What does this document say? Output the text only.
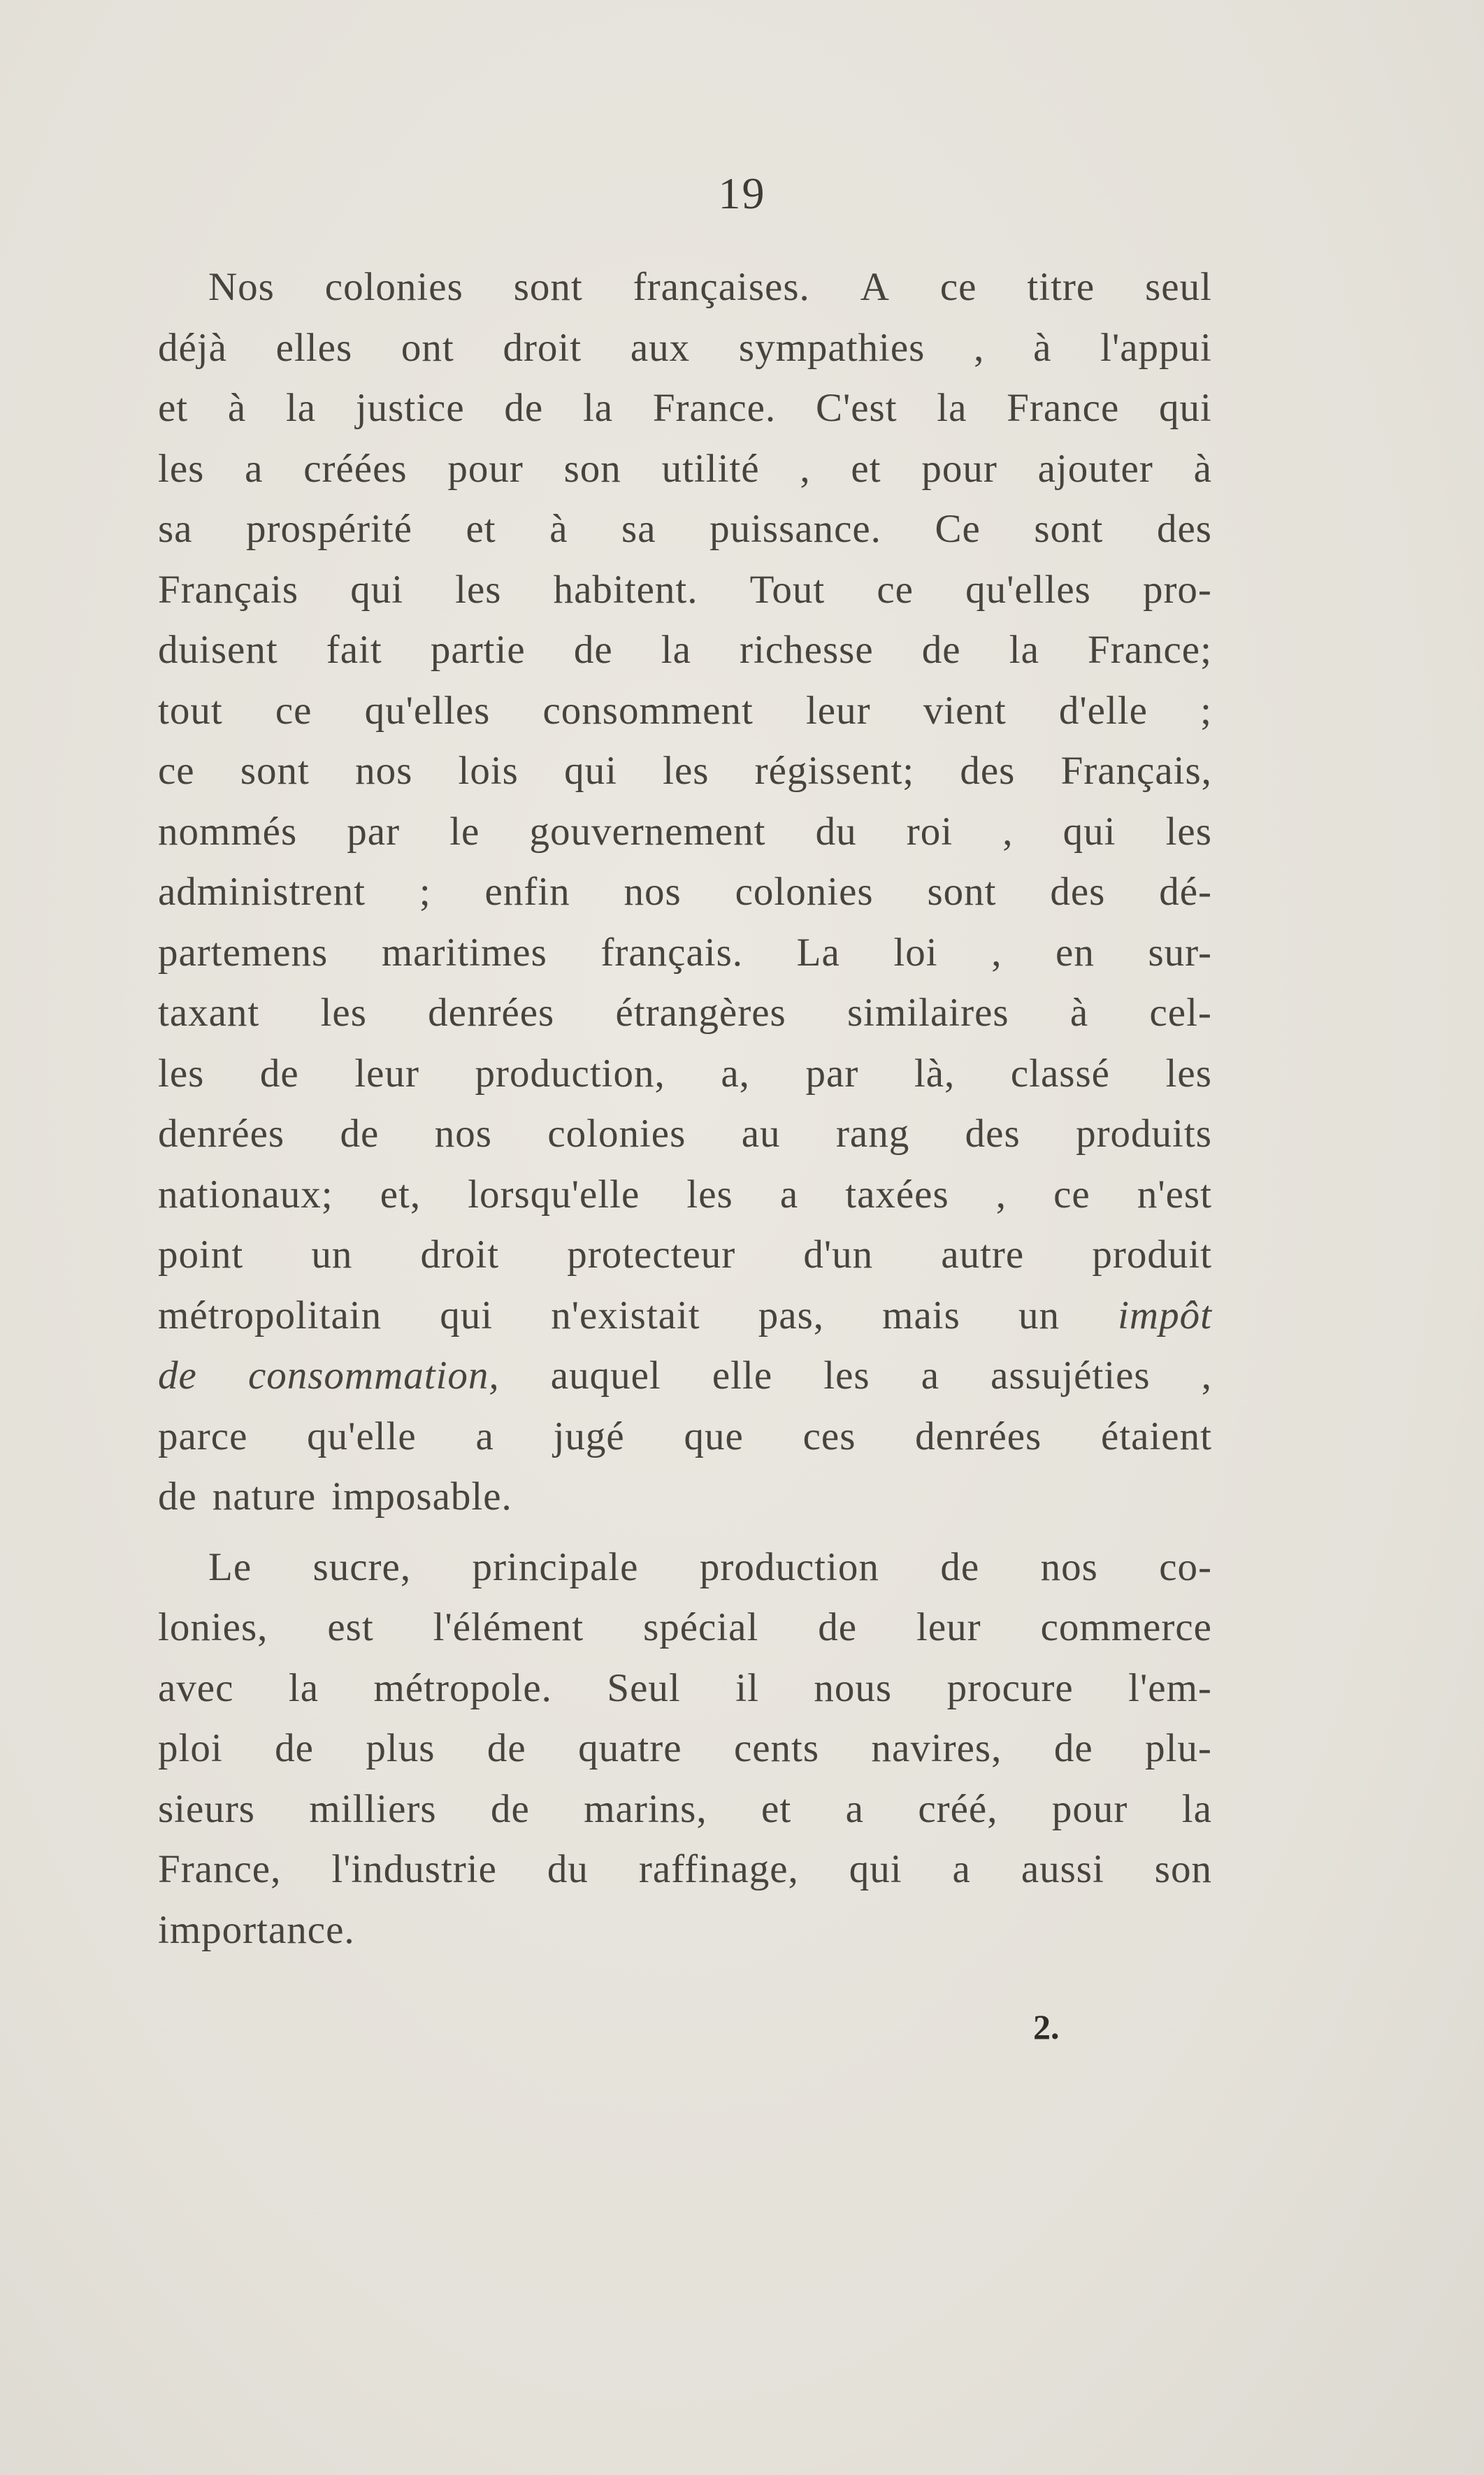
19
Nos colonies sont françaises. A ce titre seul
déjà elles ont droit aux sympathies , à l'appui
et à la justice de la France. C'est la France qui
les a créées pour son utilité , et pour ajouter à
sa prospérité et à sa puissance. Ce sont des
Français qui les habitent. Tout ce qu'elles pro-
duisent fait partie de la richesse de la France;
tout ce qu'elles consomment leur vient d'elle ;
ce sont nos lois qui les régissent; des Français,
nommés par le gouvernement du roi , qui les
administrent ; enfin nos colonies sont des dé-
partemens maritimes français. La loi , en sur-
taxant les denrées étrangères similaires à cel-
les de leur production, a, par là, classé les
denrées de nos colonies au rang des produits
nationaux; et, lorsqu'elle les a taxées , ce n'est
point un droit protecteur d'un autre produit
métropolitain qui n'existait pas, mais un impôt
de consommation, auquel elle les a assujéties ,
parce qu'elle a jugé que ces denrées étaient
de nature imposable.
Le sucre, principale production de nos co-
lonies, est l'élément spécial de leur commerce
avec la métropole. Seul il nous procure l'em-
ploi de plus de quatre cents navires, de plu-
sieurs milliers de marins, et a créé, pour la
France, l'industrie du raffinage, qui a aussi son
importance.
2.
